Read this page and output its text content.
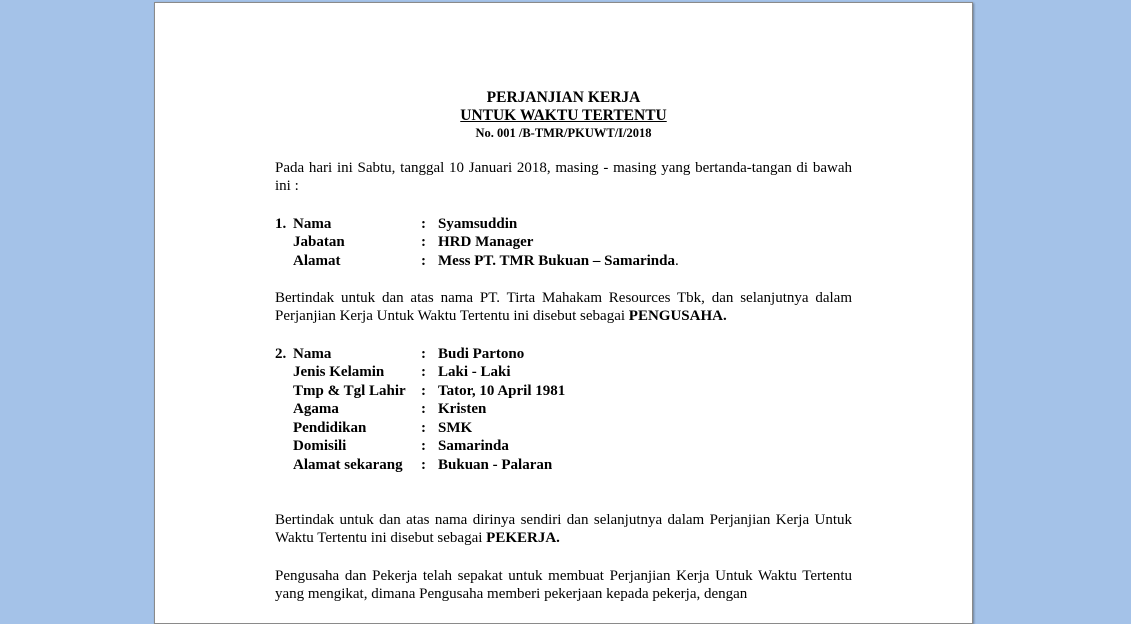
PERJANJIAN KERJA
UNTUK WAKTU TERTENTU
No. 001 /B-TMR/PKUWT/I/2018

Pada hari ini Sabtu, tanggal 10 Januari 2018, masing - masing yang bertanda-tangan di bawah ini :

1. Nama	: Syamsuddin
Jabatan	: HRD Manager
Alamat	: Mess PT. TMR Bukuan – Samarinda.

Bertindak untuk dan atas nama PT. Tirta Mahakam Resources Tbk, dan selanjutnya dalam Perjanjian Kerja Untuk Waktu Tertentu ini disebut sebagai PENGUSAHA.

2. Nama	: Budi Partono
Jenis Kelamin	: Laki - Laki
Tmp & Tgl Lahir	: Tator, 10 April 1981
Agama	: Kristen
Pendidikan	: SMK
Domisili	: Samarinda
Alamat sekarang	: Bukuan - Palaran

Bertindak untuk dan atas nama dirinya sendiri dan selanjutnya dalam Perjanjian Kerja Untuk Waktu Tertentu ini disebut sebagai PEKERJA.

Pengusaha dan Pekerja telah sepakat untuk membuat Perjanjian Kerja Untuk Waktu Tertentu yang mengikat, dimana Pengusaha memberi pekerjaan kepada pekerja, dengan
